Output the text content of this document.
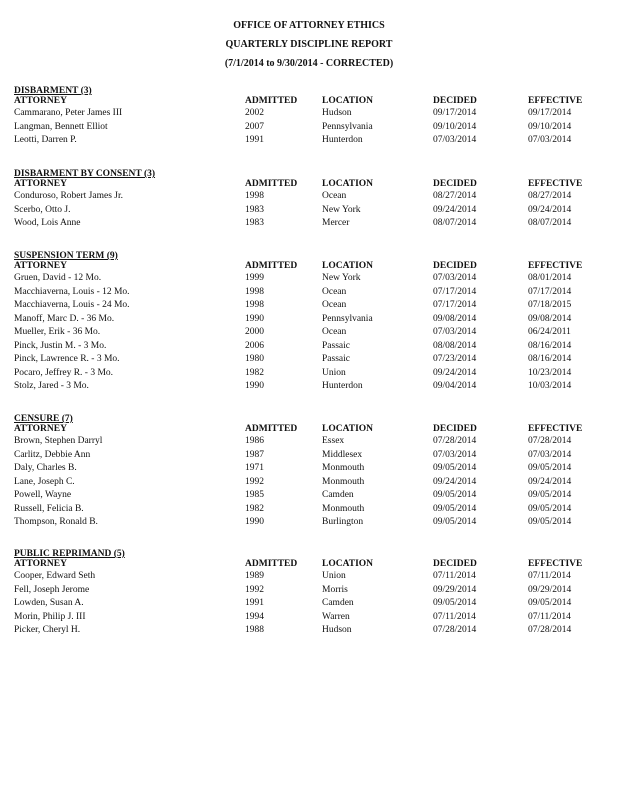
OFFICE OF ATTORNEY ETHICS
QUARTERLY DISCIPLINE REPORT
(7/1/2014 to 9/30/2014 - CORRECTED)
DISBARMENT (3)
ATTORNEY	ADMITTED	LOCATION	DECIDED	EFFECTIVE
Cammarano, Peter James III	2002	Hudson	09/17/2014	09/17/2014
Langman, Bennett Elliot	2007	Pennsylvania	09/10/2014	09/10/2014
Leotti, Darren P.	1991	Hunterdon	07/03/2014	07/03/2014
DISBARMENT BY CONSENT (3)
ATTORNEY	ADMITTED	LOCATION	DECIDED	EFFECTIVE
Conduroso, Robert James Jr.	1998	Ocean	08/27/2014	08/27/2014
Scerbo, Otto J.	1983	New York	09/24/2014	09/24/2014
Wood, Lois Anne	1983	Mercer	08/07/2014	08/07/2014
SUSPENSION TERM (9)
ATTORNEY	ADMITTED	LOCATION	DECIDED	EFFECTIVE
Gruen, David - 12 Mo.	1999	New York	07/03/2014	08/01/2014
Macchiaverna, Louis - 12 Mo.	1998	Ocean	07/17/2014	07/17/2014
Macchiaverna, Louis - 24 Mo.	1998	Ocean	07/17/2014	07/18/2015
Manoff, Marc D. - 36 Mo.	1990	Pennsylvania	09/08/2014	09/08/2014
Mueller, Erik - 36 Mo.	2000	Ocean	07/03/2014	06/24/2011
Pinck, Justin M. - 3 Mo.	2006	Passaic	08/08/2014	08/16/2014
Pinck, Lawrence R. - 3 Mo.	1980	Passaic	07/23/2014	08/16/2014
Pocaro, Jeffrey R. - 3 Mo.	1982	Union	09/24/2014	10/23/2014
Stolz, Jared - 3 Mo.	1990	Hunterdon	09/04/2014	10/03/2014
CENSURE (7)
ATTORNEY	ADMITTED	LOCATION	DECIDED	EFFECTIVE
Brown, Stephen Darryl	1986	Essex	07/28/2014	07/28/2014
Carlitz, Debbie Ann	1987	Middlesex	07/03/2014	07/03/2014
Daly, Charles B.	1971	Monmouth	09/05/2014	09/05/2014
Lane, Joseph C.	1992	Monmouth	09/24/2014	09/24/2014
Powell, Wayne	1985	Camden	09/05/2014	09/05/2014
Russell, Felicia B.	1982	Monmouth	09/05/2014	09/05/2014
Thompson, Ronald B.	1990	Burlington	09/05/2014	09/05/2014
PUBLIC REPRIMAND (5)
ATTORNEY	ADMITTED	LOCATION	DECIDED	EFFECTIVE
Cooper, Edward Seth	1989	Union	07/11/2014	07/11/2014
Fell, Joseph Jerome	1992	Morris	09/29/2014	09/29/2014
Lowden, Susan A.	1991	Camden	09/05/2014	09/05/2014
Morin, Philip J. III	1994	Warren	07/11/2014	07/11/2014
Picker, Cheryl H.	1988	Hudson	07/28/2014	07/28/2014
